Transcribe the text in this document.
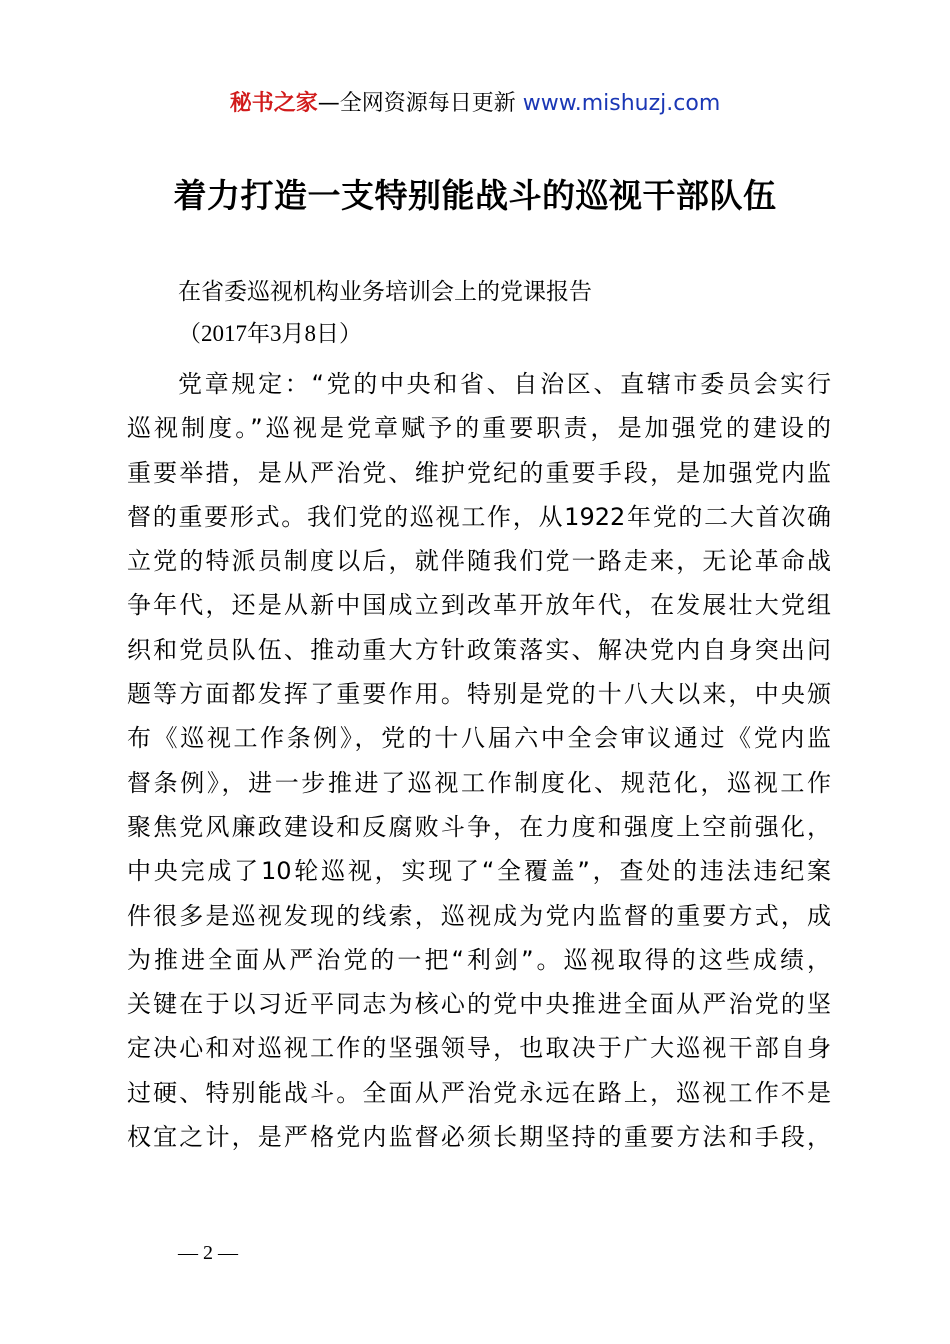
秘书之家—全网资源每日更新 www.mishuzj.com
着力打造一支特别能战斗的巡视干部队伍
在省委巡视机构业务培训会上的党课报告
（2017年3月8日）
党章规定：“党的中央和省、自治区、直辖市委员会实行
巡视制度。”巡视是党章赋予的重要职责，是加强党的建设的
重要举措，是从严治党、维护党纪的重要手段，是加强党内监
督的重要形式。我们党的巡视工作，从1922年党的二大首次确
立党的特派员制度以后，就伴随我们党一路走来，无论革命战
争年代，还是从新中国成立到改革开放年代，在发展壮大党组
织和党员队伍、推动重大方针政策落实、解决党内自身突出问
题等方面都发挥了重要作用。特别是党的十八大以来，中央颁
布《巡视工作条例》，党的十八届六中全会审议通过《党内监
督条例》，进一步推进了巡视工作制度化、规范化，巡视工作
聚焦党风廉政建设和反腐败斗争，在力度和强度上空前强化，
中央完成了10轮巡视，实现了“全覆盖”，查处的违法违纪案
件很多是巡视发现的线索，巡视成为党内监督的重要方式，成
为推进全面从严治党的一把“利剑”。巡视取得的这些成绩，
关键在于以习近平同志为核心的党中央推进全面从严治党的坚
定决心和对巡视工作的坚强领导，也取决于广大巡视干部自身
过硬、特别能战斗。全面从严治党永远在路上，巡视工作不是
权宜之计，是严格党内监督必须长期坚持的重要方法和手段，
— 2 —
